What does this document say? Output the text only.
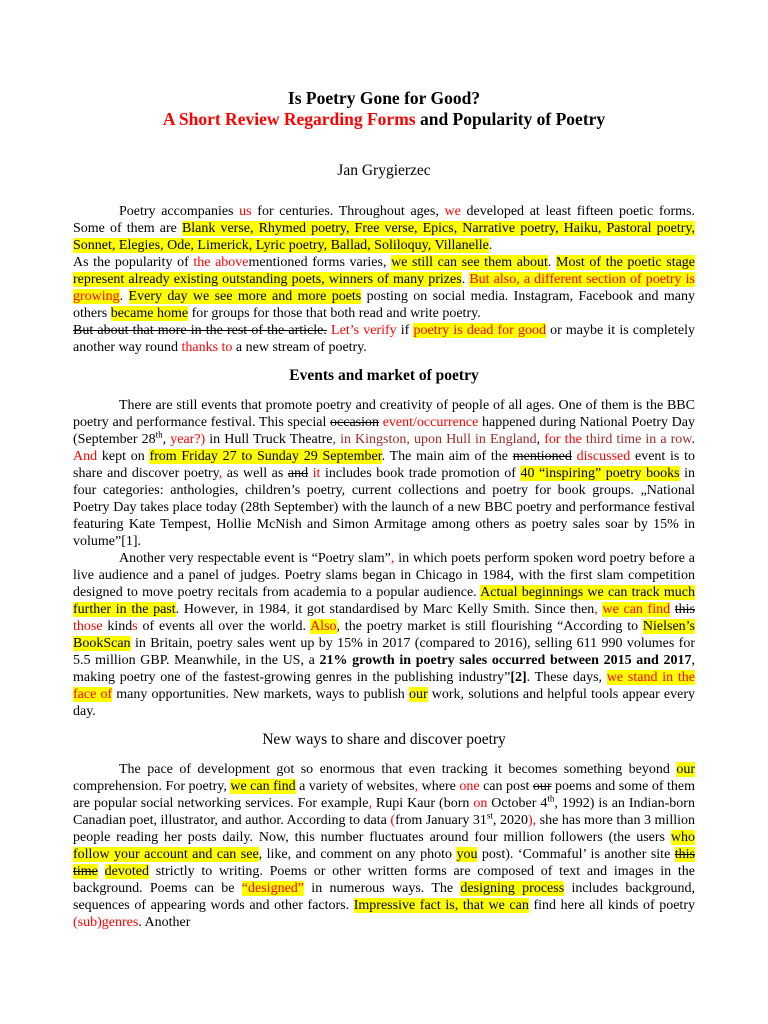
Is Poetry Gone for Good?
A Short Review Regarding Forms and Popularity of Poetry
Jan Grygierzec

Poetry accompanies us for centuries. Throughout ages, we developed at least fifteen poetic forms. Some of them are Blank verse, Rhymed poetry, Free verse, Epics, Narrative poetry, Haiku, Pastoral poetry, Sonnet, Elegies, Ode, Limerick, Lyric poetry, Ballad, Soliloquy, Villanelle.

As the popularity of the abovementioned forms varies, we still can see them about. Most of the poetic stage represent already existing outstanding poets, winners of many prizes. But also, a different section of poetry is growing. Every day we see more and more poets posting on social media. Instagram, Facebook and many others became home for groups for those that both read and write poetry.

But about that more in the rest of the article. Let’s verify if poetry is dead for good or maybe it is completely another way round thanks to a new stream of poetry.

Events and market of poetry

There are still events that promote poetry and creativity of people of all ages. One of them is the BBC poetry and performance festival. This special occasion event/occurrence happened during National Poetry Day (September 28th, year?) in Hull Truck Theatre, in Kingston, upon Hull in England, for the third time in a row. And kept on from Friday 27 to Sunday 29 September. The main aim of the mentioned discussed event is to share and discover poetry, as well as and it includes book trade promotion of 40 “inspiring” poetry books in four categories: anthologies, children’s poetry, current collections and poetry for book groups. „National Poetry Day takes place today (28th September) with the launch of a new BBC poetry and performance festival featuring Kate Tempest, Hollie McNish and Simon Armitage among others as poetry sales soar by 15% in volume”[1].

Another very respectable event is “Poetry slam”, in which poets perform spoken word poetry before a live audience and a panel of judges. Poetry slams began in Chicago in 1984, with the first slam competition designed to move poetry recitals from academia to a popular audience. Actual beginnings we can track much further in the past. However, in 1984, it got standardised by Marc Kelly Smith. Since then, we can find this those kinds of events all over the world. Also, the poetry market is still flourishing “According to Nielsen’s BookScan in Britain, poetry sales went up by 15% in 2017 (compared to 2016), selling 611 990 volumes for 5.5 million GBP. Meanwhile, in the US, a 21% growth in poetry sales occurred between 2015 and 2017, making poetry one of the fastest-growing genres in the publishing industry”[2]. These days, we stand in the face of many opportunities. New markets, ways to publish our work, solutions and helpful tools appear every day.

New ways to share and discover poetry

The pace of development got so enormous that even tracking it becomes something beyond our comprehension. For poetry, we can find a variety of websites, where one can post our poems and some of them are popular social networking services. For example, Rupi Kaur (born on October 4th, 1992) is an Indian-born Canadian poet, illustrator, and author. According to data (from January 31st, 2020), she has more than 3 million people reading her posts daily. Now, this number fluctuates around four million followers (the users who follow your account and can see, like, and comment on any photo you post). ‘Commaful’ is another site this time devoted strictly to writing. Poems or other written forms are composed of text and images in the background. Poems can be “designed” in numerous ways. The designing process includes background, sequences of appearing words and other factors. Impressive fact is, that we can find here all kinds of poetry (sub)genres. Another
